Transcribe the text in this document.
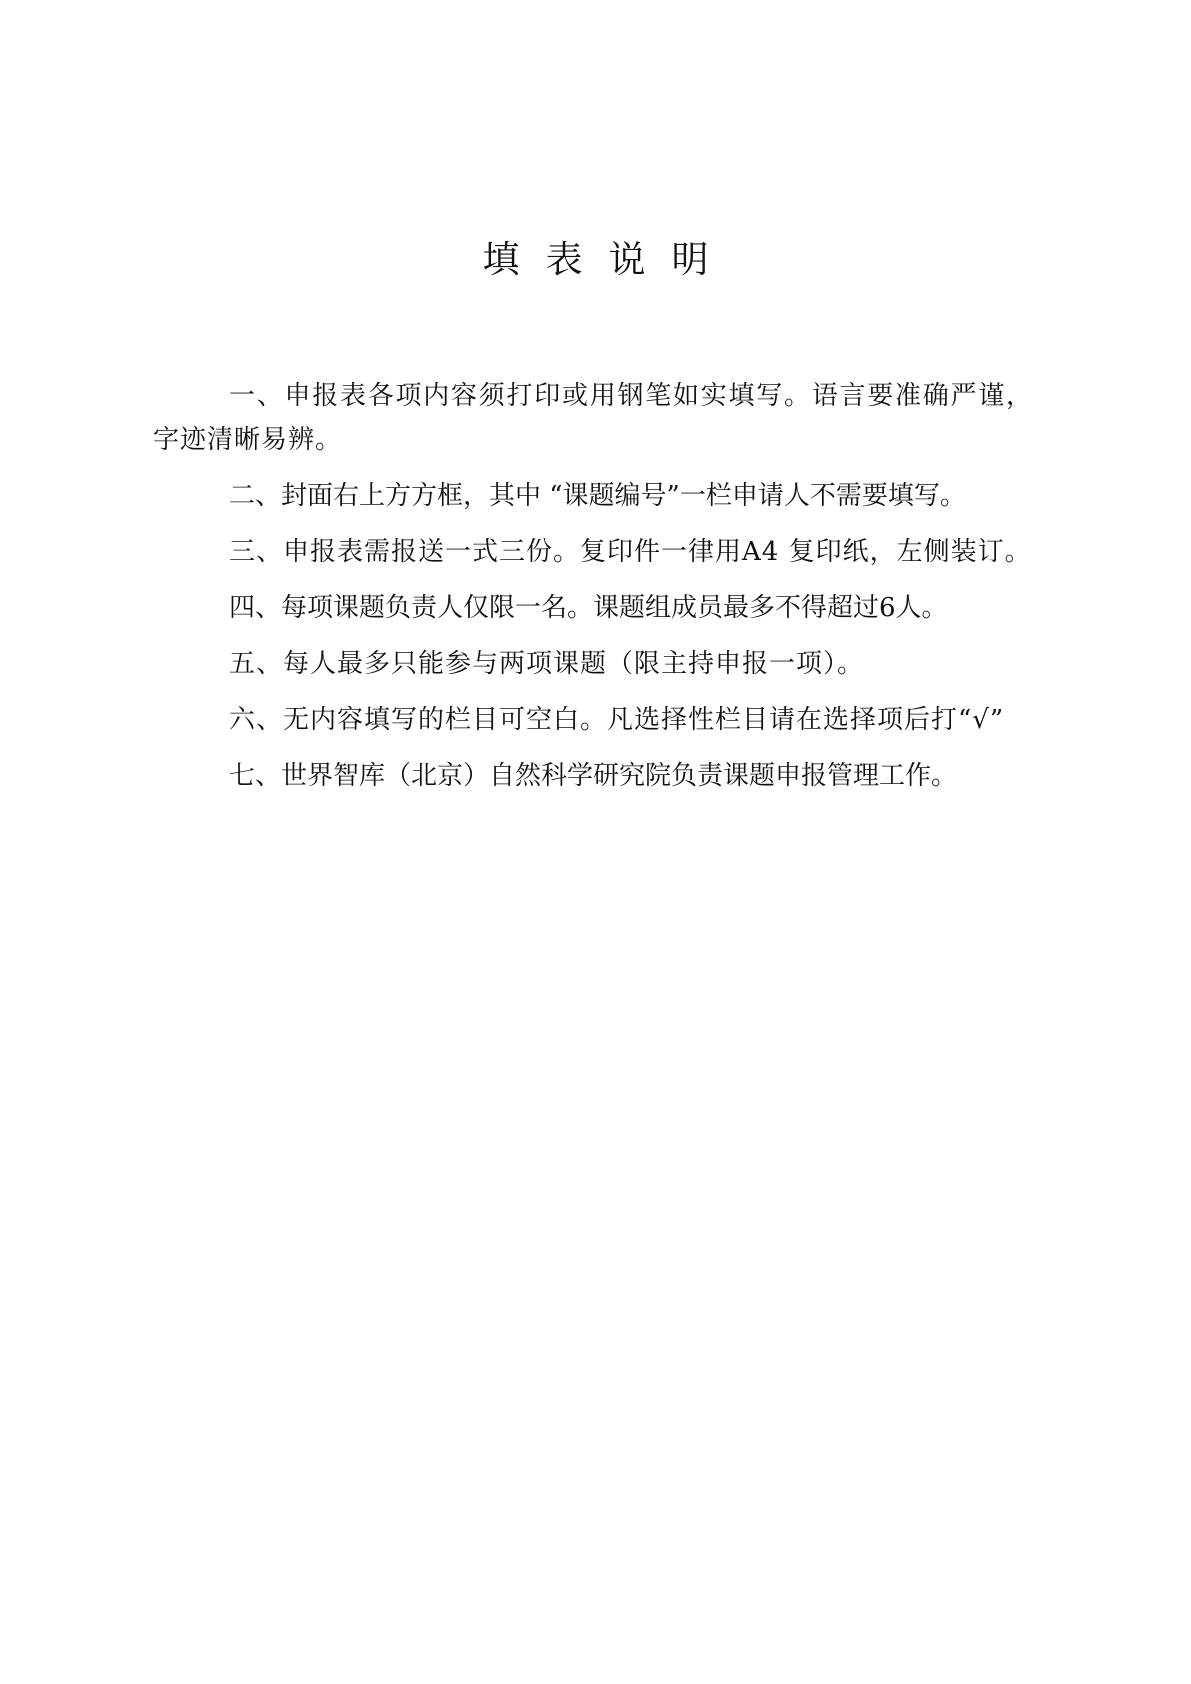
填表说明

一、申报表各项内容须打印或用钢笔如实填写。语言要准确严谨，字迹清晰易辨。

二、封面右上方方框，其中 “课题编号”一栏申请人不需要填写。

三、申报表需报送一式三份。复印件一律用A4 复印纸，左侧装订。

四、每项课题负责人仅限一名。课题组成员最多不得超过6人。

五、每人最多只能参与两项课题（限主持申报一项）。

六、无内容填写的栏目可空白。凡选择性栏目请在选择项后打“√”

七、世界智库（北京）自然科学研究院负责课题申报管理工作。
